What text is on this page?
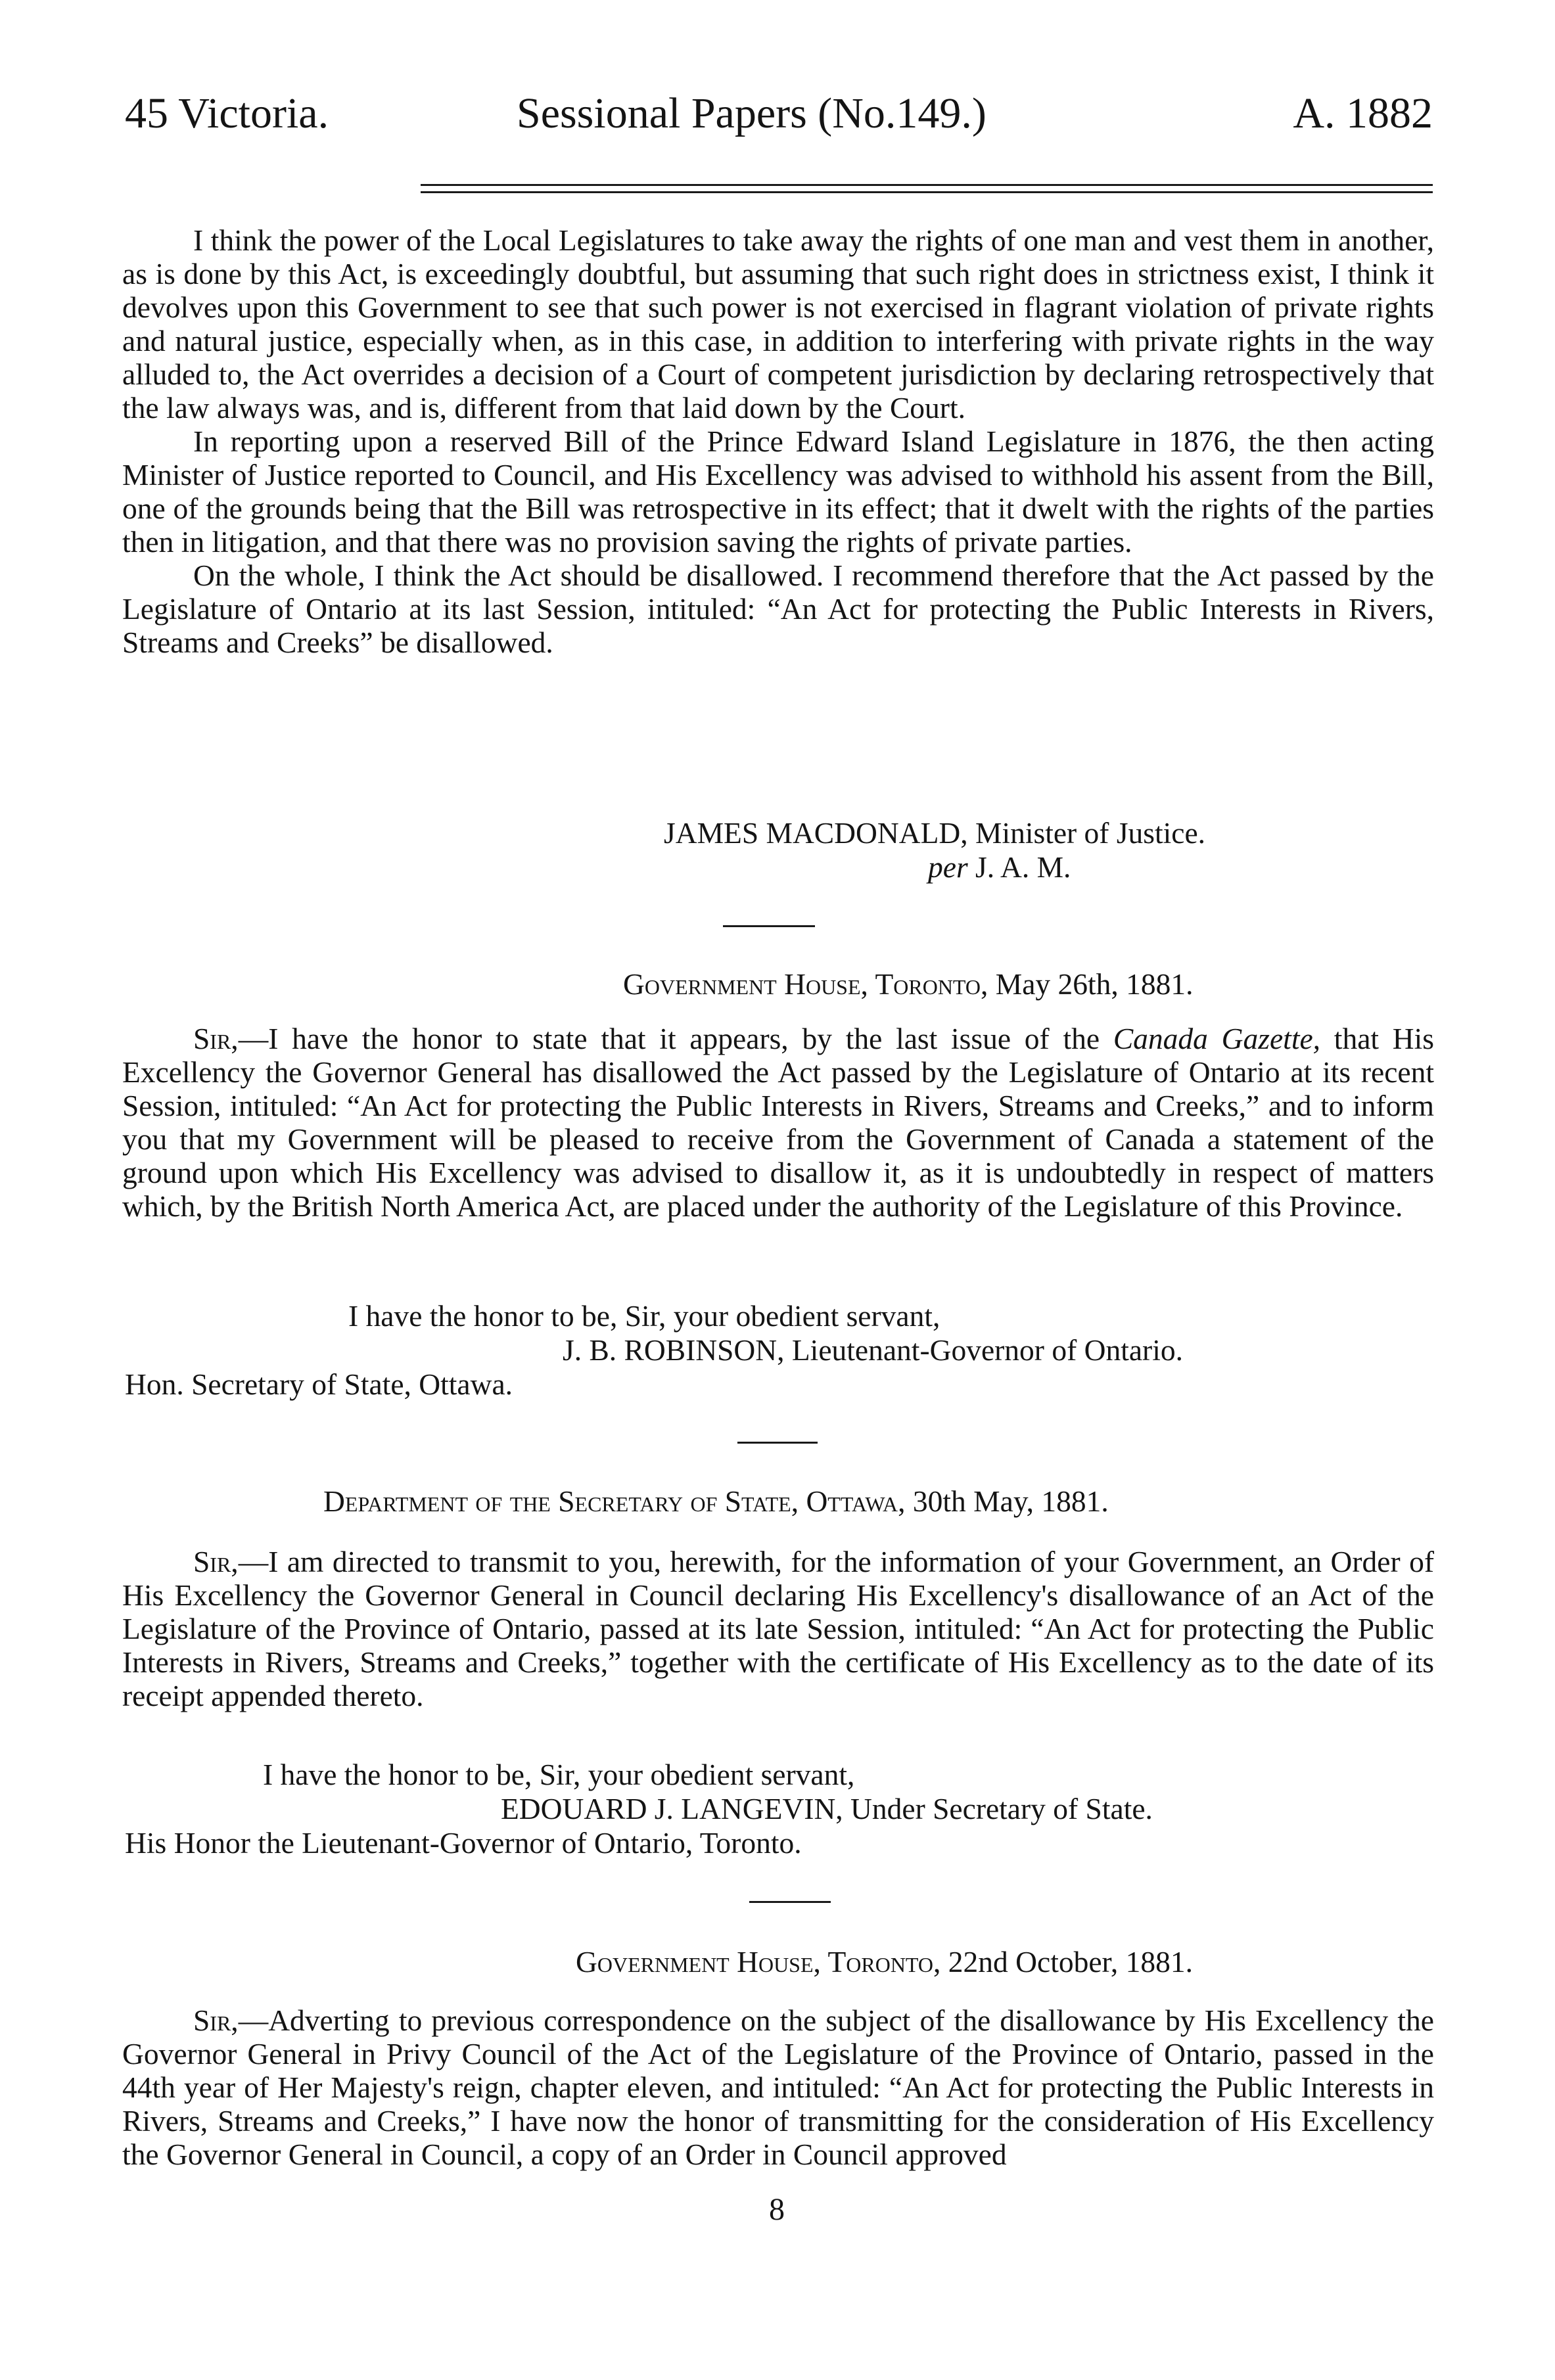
45 Victoria.	Sessional Papers (No.149.)	A. 1882

I think the power of the Local Legislatures to take away the rights of one man and vest them in another, as is done by this Act, is exceedingly doubtful, but assuming that such right does in strictness exist, I think it devolves upon this Government to see that such power is not exercised in flagrant violation of private rights and natural justice, especially when, as in this case, in addition to interfering with private rights in the way alluded to, the Act overrides a decision of a Court of competent jurisdiction by declaring retrospectively that the law always was, and is, different from that laid down by the Court.

In reporting upon a reserved Bill of the Prince Edward Island Legislature in 1876, the then acting Minister of Justice reported to Council, and His Excellency was advised to withhold his assent from the Bill, one of the grounds being that the Bill was retrospective in its effect; that it dwelt with the rights of the parties then in litigation, and that there was no provision saving the rights of private parties.

On the whole, I think the Act should be disallowed. I recommend therefore that the Act passed by the Legislature of Ontario at its last Session, intituled: “An Act for protecting the Public Interests in Rivers, Streams and Creeks” be disallowed.

JAMES MACDONALD, Minister of Justice.
per J. A. M.
Government House, Toronto, May 26th, 1881.

Sir,—I have the honor to state that it appears, by the last issue of the Canada Gazette, that His Excellency the Governor General has disallowed the Act passed by the Legislature of Ontario at its recent Session, intituled: “An Act for protecting the Public Interests in Rivers, Streams and Creeks,” and to inform you that my Government will be pleased to receive from the Government of Canada a statement of the ground upon which His Excellency was advised to disallow it, as it is undoubtedly in respect of matters which, by the British North America Act, are placed under the authority of the Legislature of this Province.

I have the honor to be, Sir, your obedient servant,
J. B. ROBINSON, Lieutenant-Governor of Ontario.
Hon. Secretary of State, Ottawa.
Department of the Secretary of State, Ottawa, 30th May, 1881.

Sir,—I am directed to transmit to you, herewith, for the information of your Government, an Order of His Excellency the Governor General in Council declaring His Excellency's disallowance of an Act of the Legislature of the Province of Ontario, passed at its late Session, intituled: “An Act for protecting the Public Interests in Rivers, Streams and Creeks,” together with the certificate of His Excellency as to the date of its receipt appended thereto.

I have the honor to be, Sir, your obedient servant,
EDOUARD J. LANGEVIN, Under Secretary of State.
His Honor the Lieutenant-Governor of Ontario, Toronto.
Government House, Toronto, 22nd October, 1881.

Sir,—Adverting to previous correspondence on the subject of the disallowance by His Excellency the Governor General in Privy Council of the Act of the Legislature of the Province of Ontario, passed in the 44th year of Her Majesty's reign, chapter eleven, and intituled: “An Act for protecting the Public Interests in Rivers, Streams and Creeks,” I have now the honor of transmitting for the consideration of His Excellency the Governor General in Council, a copy of an Order in Council approved

8
